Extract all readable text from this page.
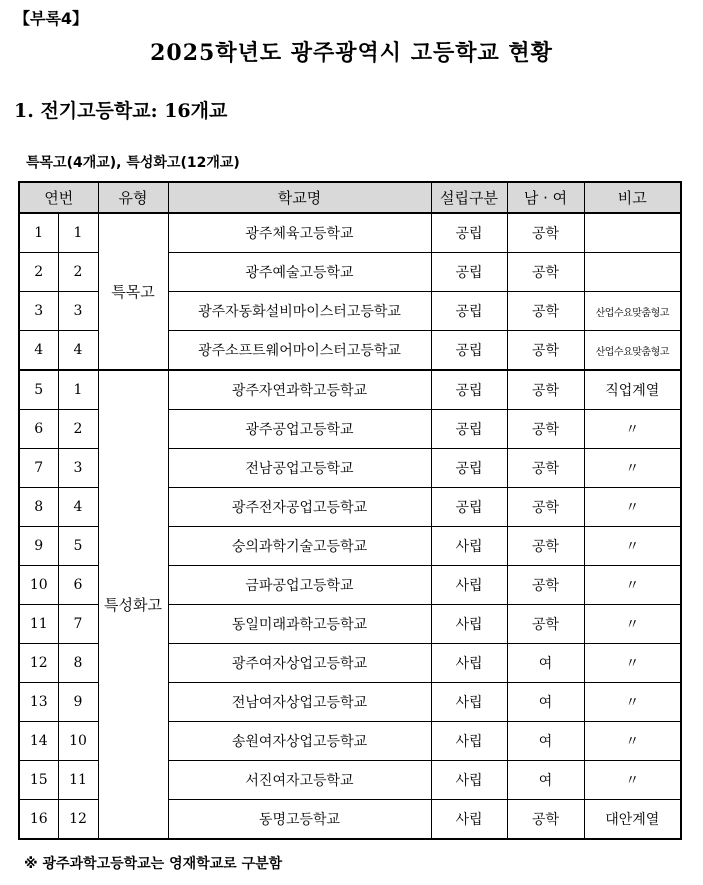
【부록4】
2025학년도 광주광역시 고등학교 현황
1. 전기고등학교: 16개교
특목고(4개교), 특성화고(12개교)
연번		유형	학교명	설립구분	남 · 여	비고
1	1	특목고	광주체육고등학교	공립	공학	
2	2		광주예술고등학교	공립	공학	
3	3		광주자동화설비마이스터고등학교	공립	공학	산업수요맞춤형고
4	4		광주소프트웨어마이스터고등학교	공립	공학	산업수요맞춤형고
5	1	특성화고	광주자연과학고등학교	공립	공학	직업계열
6	2		광주공업고등학교	공립	공학	〃
7	3		전남공업고등학교	공립	공학	〃
8	4		광주전자공업고등학교	공립	공학	〃
9	5		숭의과학기술고등학교	사립	공학	〃
10	6		금파공업고등학교	사립	공학	〃
11	7		동일미래과학고등학교	사립	공학	〃
12	8		광주여자상업고등학교	사립	여	〃
13	9		전남여자상업고등학교	사립	여	〃
14	10		송원여자상업고등학교	사립	여	〃
15	11		서진여자고등학교	사립	여	〃
16	12		동명고등학교	사립	공학	대안계열
※ 광주과학고등학교는 영재학교로 구분함
